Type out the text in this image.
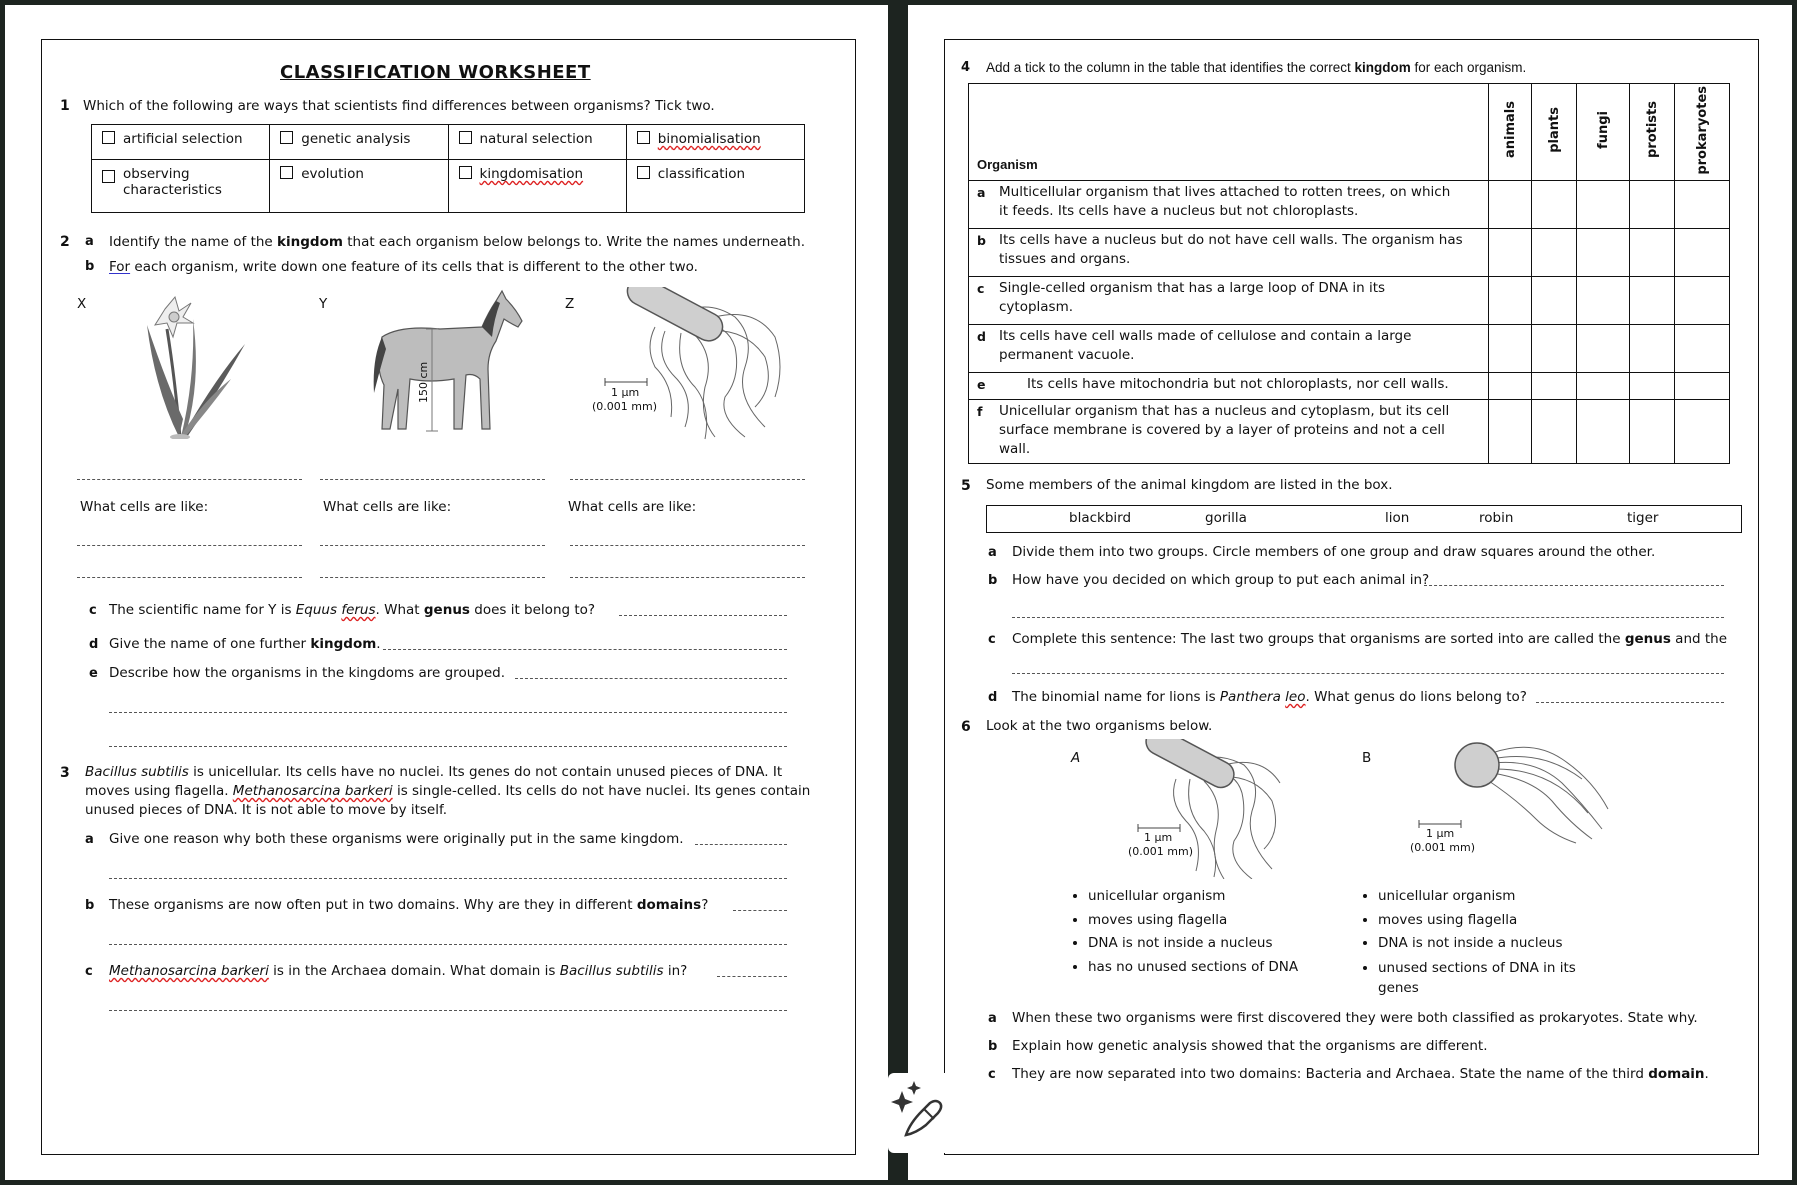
CLASSIFICATION WORKSHEET
1 Which of the following are ways that scientists find differences between organisms? Tick two.
artificial selection	genetic analysis	natural selection	binomialisation

observing characteristics	evolution	kingdomisation	classification
2 a Identify the name of the kingdom that each organism below belongs to. Write the names underneath.
b For each organism, write down one feature of its cells that is different to the other two.
X	Y	Z
150 cm	1 µm
(0.001 mm)
What cells are like:	What cells are like:	What cells are like:
c The scientific name for Y is Equus ferus. What genus does it belong to?
d Give the name of one further kingdom.
e Describe how the organisms in the kingdoms are grouped.
3 Bacillus subtilis is unicellular. Its cells have no nuclei. Its genes do not contain unused pieces of DNA. It
moves using flagella. Methanosarcina barkeri is single-celled. Its cells do not have nuclei. Its genes contain
unused pieces of DNA. It is not able to move by itself.
a Give one reason why both these organisms were originally put in the same kingdom.
b These organisms are now often put in two domains. Why are they in different domains?
c Methanosarcina barkeri is in the Archaea domain. What domain is Bacillus subtilis in?
4 Add a tick to the column in the table that identifies the correct kingdom for each organism.
Organism	animals	plants	fungi	protists	prokaryotes

a Multicellular organism that lives attached to rotten trees, on which
it feeds. Its cells have a nucleus but not chloroplasts.					

b Its cells have a nucleus but do not have cell walls. The organism has
tissues and organs.					

c Single-celled organism that has a large loop of DNA in its
cytoplasm.					

d Its cells have cell walls made of cellulose and contain a large
permanent vacuole.					

e Its cells have mitochondria but not chloroplasts, nor cell walls.					

f Unicellular organism that has a nucleus and cytoplasm, but its cell
surface membrane is covered by a layer of proteins and not a cell
wall.					

5 Some members of the animal kingdom are listed in the box.
blackbird	gorilla	lion	robin	tiger
a Divide them into two groups. Circle members of one group and draw squares around the other.
b How have you decided on which group to put each animal in?
c Complete this sentence: The last two groups that organisms are sorted into are called the genus and the
d The binomial name for lions is Panthera leo. What genus do lions belong to?
6 Look at the two organisms below.
A	B
1 µm
(0.001 mm)
1 µm
(0.001 mm)
• unicellular organism
• moves using flagella
• DNA is not inside a nucleus
• has no unused sections of DNA
• unicellular organism
• moves using flagella
• DNA is not inside a nucleus
• unused sections of DNA in its genes
a When these two organisms were first discovered they were both classified as prokaryotes. State why.
b Explain how genetic analysis showed that the organisms are different.
c They are now separated into two domains: Bacteria and Archaea. State the name of the third domain.
